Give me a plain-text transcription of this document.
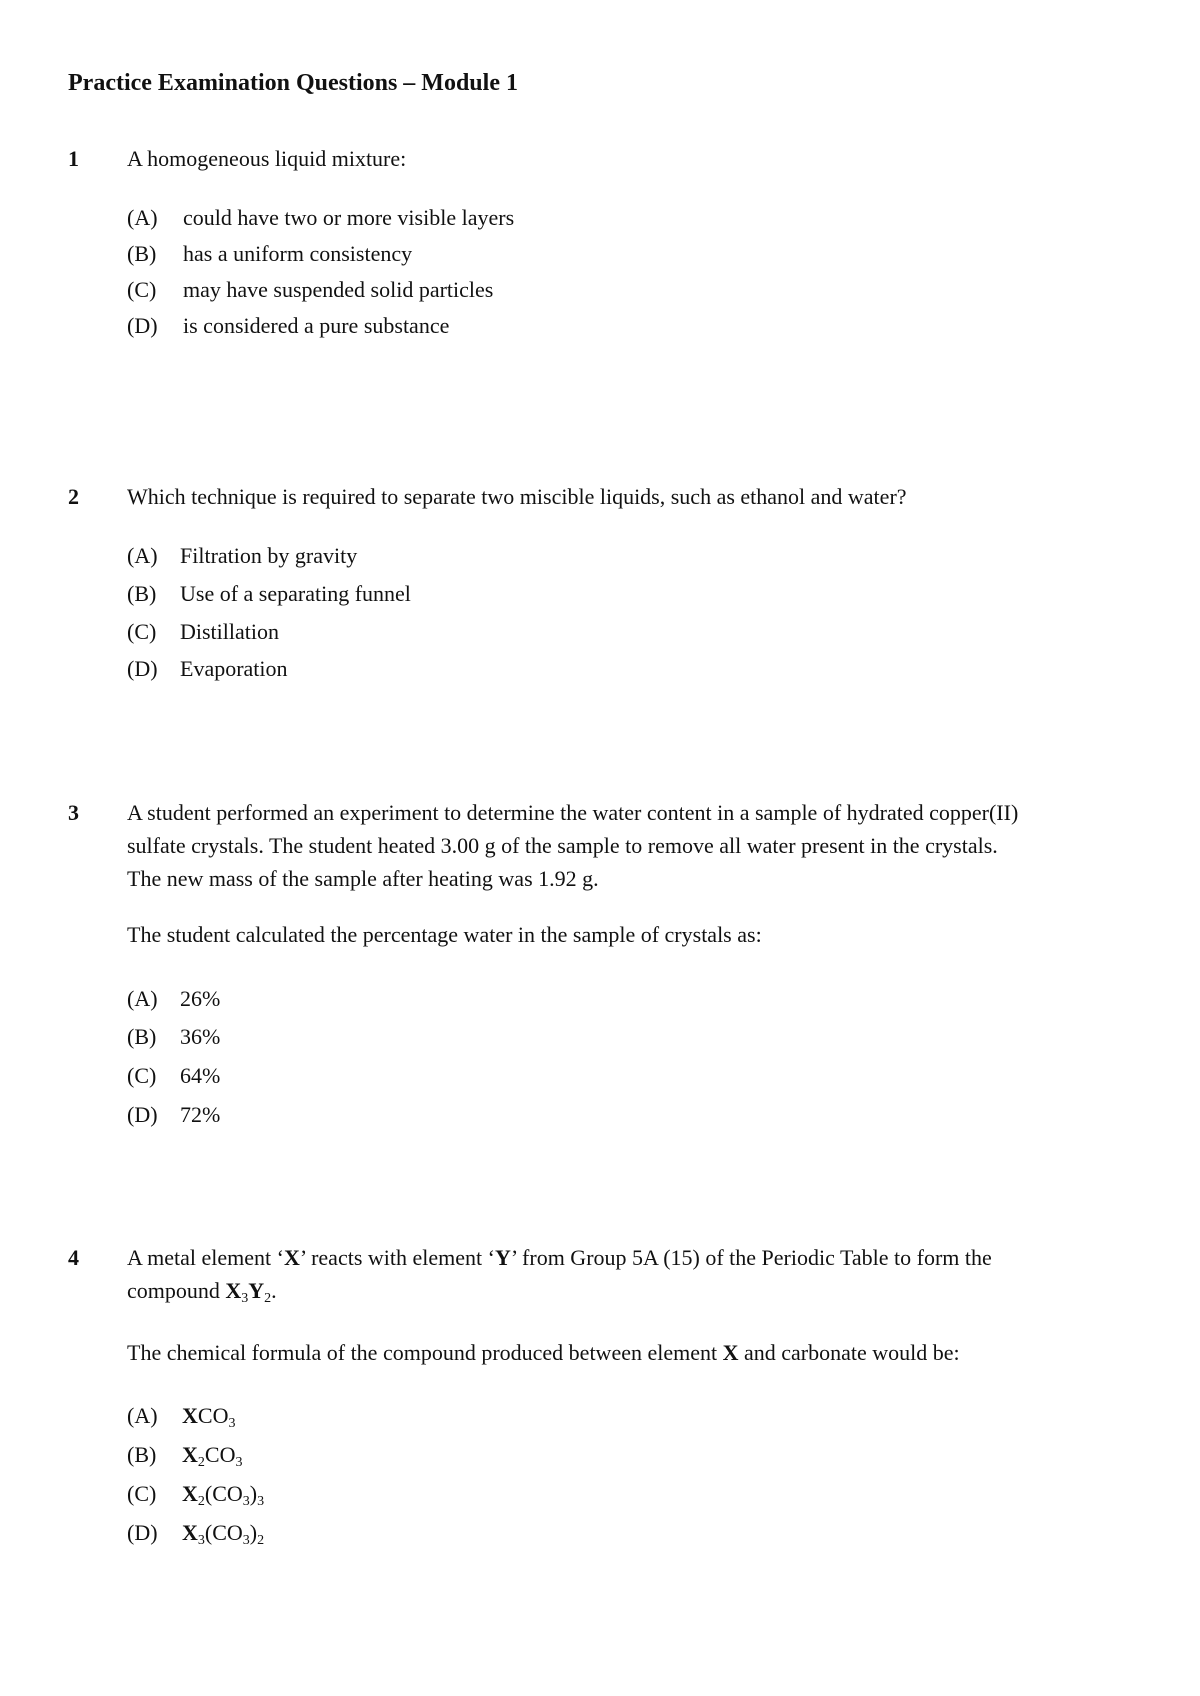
Practice Examination Questions – Module 1
1 A homogeneous liquid mixture:
(A) could have two or more visible layers
(B) has a uniform consistency
(C) may have suspended solid particles
(D) is considered a pure substance
2 Which technique is required to separate two miscible liquids, such as ethanol and water?
(A) Filtration by gravity
(B) Use of a separating funnel
(C) Distillation
(D) Evaporation
3 A student performed an experiment to determine the water content in a sample of hydrated copper(II)
sulfate crystals. The student heated 3.00 g of the sample to remove all water present in the crystals.
The new mass of the sample after heating was 1.92 g.
The student calculated the percentage water in the sample of crystals as:
(A) 26%
(B) 36%
(C) 64%
(D) 72%
4 A metal element ‘X’ reacts with element ‘Y’ from Group 5A (15) of the Periodic Table to form the
compound $X_3Y_2$.
The chemical formula of the compound produced between element X and carbonate would be:
(A) $XCO_3$
(B) $X_2CO_3$
(C) $X_2(CO_3)_3$
(D) $X_3(CO_3)_2$
